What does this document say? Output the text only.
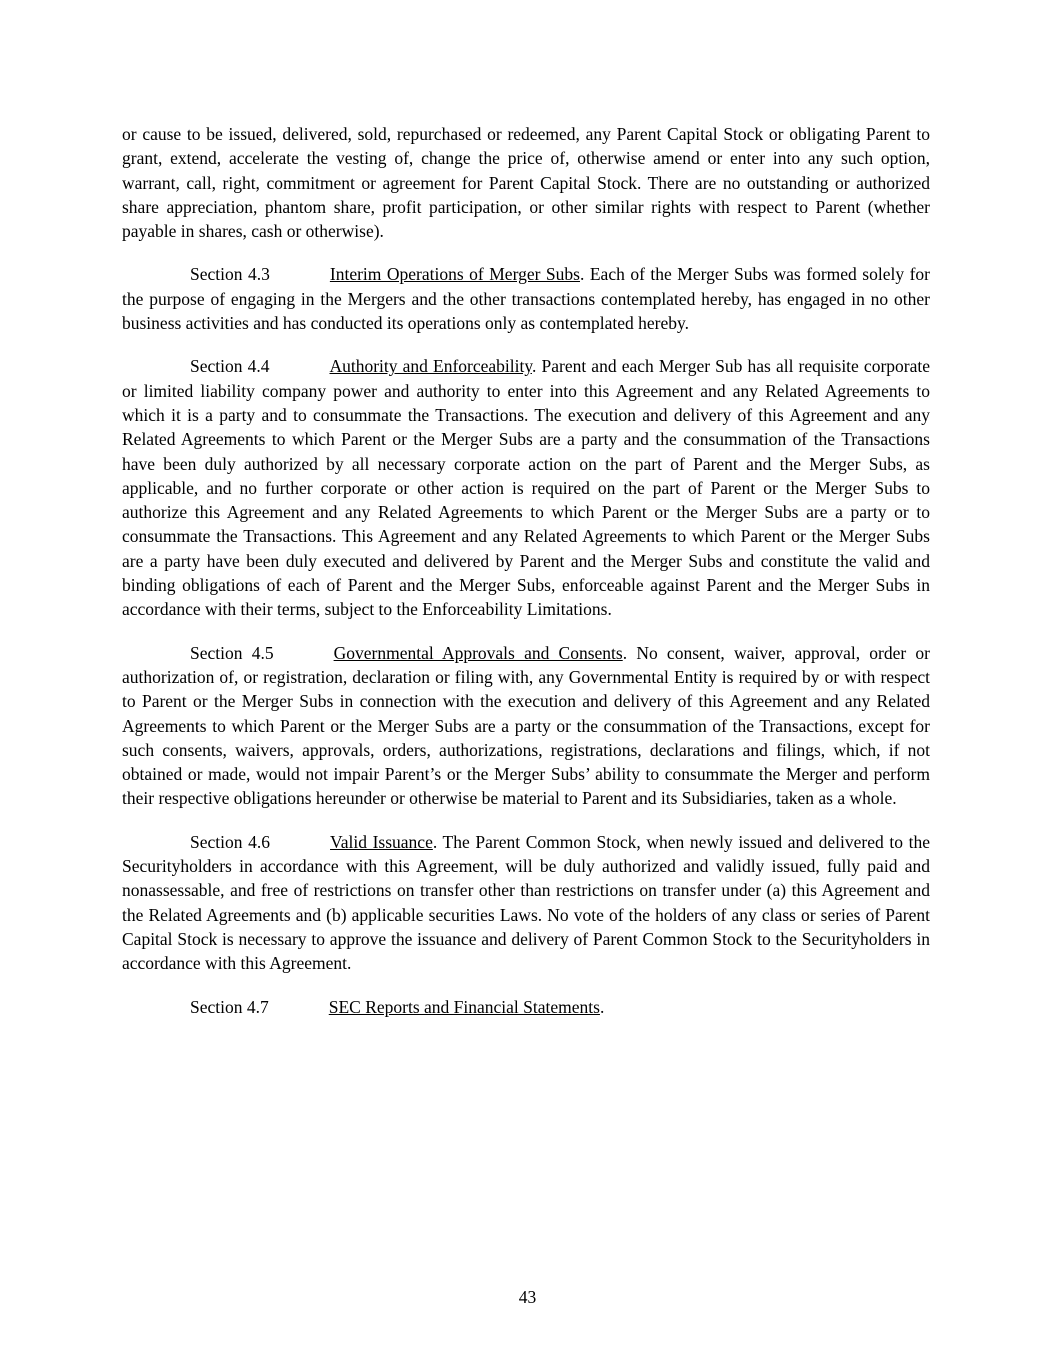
or cause to be issued, delivered, sold, repurchased or redeemed, any Parent Capital Stock or obligating Parent to grant, extend, accelerate the vesting of, change the price of, otherwise amend or enter into any such option, warrant, call, right, commitment or agreement for Parent Capital Stock. There are no outstanding or authorized share appreciation, phantom share, profit participation, or other similar rights with respect to Parent (whether payable in shares, cash or otherwise).

Section 4.3	Interim Operations of Merger Subs. Each of the Merger Subs was formed solely for the purpose of engaging in the Mergers and the other transactions contemplated hereby, has engaged in no other business activities and has conducted its operations only as contemplated hereby.

Section 4.4	Authority and Enforceability. Parent and each Merger Sub has all requisite corporate or limited liability company power and authority to enter into this Agreement and any Related Agreements to which it is a party and to consummate the Transactions. The execution and delivery of this Agreement and any Related Agreements to which Parent or the Merger Subs are a party and the consummation of the Transactions have been duly authorized by all necessary corporate action on the part of Parent and the Merger Subs, as applicable, and no further corporate or other action is required on the part of Parent or the Merger Subs to authorize this Agreement and any Related Agreements to which Parent or the Merger Subs are a party or to consummate the Transactions. This Agreement and any Related Agreements to which Parent or the Merger Subs are a party have been duly executed and delivered by Parent and the Merger Subs and constitute the valid and binding obligations of each of Parent and the Merger Subs, enforceable against Parent and the Merger Subs in accordance with their terms, subject to the Enforceability Limitations.

Section 4.5	Governmental Approvals and Consents. No consent, waiver, approval, order or authorization of, or registration, declaration or filing with, any Governmental Entity is required by or with respect to Parent or the Merger Subs in connection with the execution and delivery of this Agreement and any Related Agreements to which Parent or the Merger Subs are a party or the consummation of the Transactions, except for such consents, waivers, approvals, orders, authorizations, registrations, declarations and filings, which, if not obtained or made, would not impair Parent’s or the Merger Subs’ ability to consummate the Merger and perform their respective obligations hereunder or otherwise be material to Parent and its Subsidiaries, taken as a whole.

Section 4.6	Valid Issuance. The Parent Common Stock, when newly issued and delivered to the Securityholders in accordance with this Agreement, will be duly authorized and validly issued, fully paid and nonassessable, and free of restrictions on transfer other than restrictions on transfer under (a) this Agreement and the Related Agreements and (b) applicable securities Laws. No vote of the holders of any class or series of Parent Capital Stock is necessary to approve the issuance and delivery of Parent Common Stock to the Securityholders in accordance with this Agreement.

Section 4.7	SEC Reports and Financial Statements.

43
